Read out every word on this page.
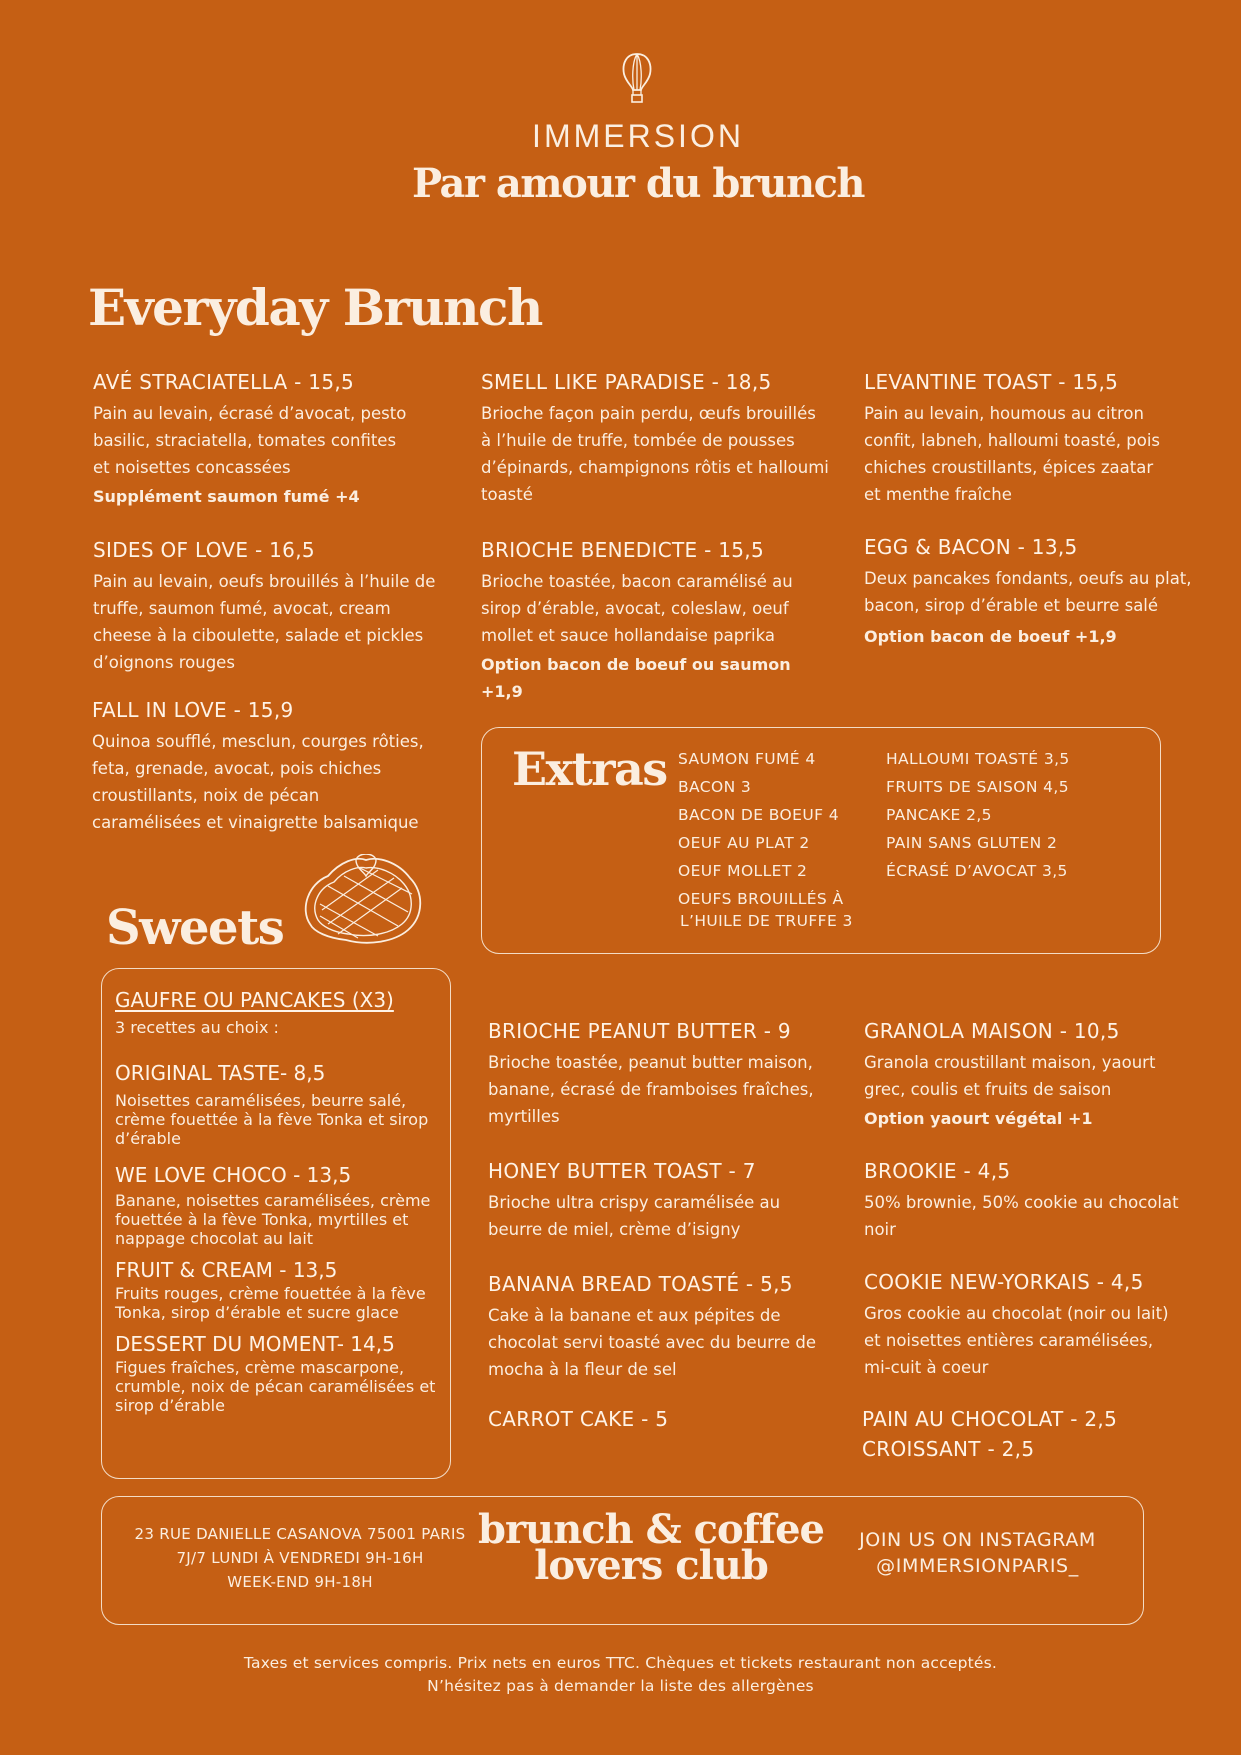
IMMERSION
Par amour du brunch
Everyday Brunch
AVÉ STRACIATELLA - 15,5

Pain au levain, écrasé d’avocat, pesto basilic, straciatella, tomates confites et noisettes concassées

Supplément saumon fumé +4

SMELL LIKE PARADISE - 18,5

Brioche façon pain perdu, œufs brouillés à l’huile de truffe, tombée de pousses d’épinards, champignons rôtis et halloumi toasté

LEVANTINE TOAST - 15,5

Pain au levain, houmous au citron confit, labneh, halloumi toasté, pois chiches croustillants, épices zaatar et menthe fraîche

SIDES OF LOVE - 16,5

Pain au levain, oeufs brouillés à l’huile de truffe, saumon fumé, avocat, cream cheese à la ciboulette, salade et pickles d’oignons rouges

BRIOCHE BENEDICTE - 15,5

Brioche toastée, bacon caramélisé au sirop d’érable, avocat, coleslaw, oeuf mollet et sauce hollandaise paprika

Option bacon de boeuf ou saumon +1,9

EGG & BACON - 13,5

Deux pancakes fondants, oeufs au plat, bacon, sirop d’érable et beurre salé

Option bacon de boeuf +1,9

FALL IN LOVE - 15,9

Quinoa soufflé, mesclun, courges rôties, feta, grenade, avocat, pois chiches croustillants, noix de pécan caramélisées et vinaigrette balsamique

Extras SAUMON FUMÉ 4
BACON 3
BACON DE BOEUF 4
OEUF AU PLAT 2
OEUF MOLLET 2
OEUFS BROUILLÉS À
L’HUILE DE TRUFFE 3
HALLOUMI TOASTÉ 3,5
FRUITS DE SAISON 4,5
PANCAKE 2,5
PAIN SANS GLUTEN 2
ÉCRASÉ D’AVOCAT 3,5
Sweets
GAUFRE OU PANCAKES (X3)

3 recettes au choix :

ORIGINAL TASTE- 8,5

Noisettes caramélisées, beurre salé, crème fouettée à la fève Tonka et sirop d’érable

WE LOVE CHOCO - 13,5

Banane, noisettes caramélisées, crème fouettée à la fève Tonka, myrtilles et nappage chocolat au lait

FRUIT & CREAM - 13,5

Fruits rouges, crème fouettée à la fève Tonka, sirop d’érable et sucre glace

DESSERT DU MOMENT- 14,5

Figues fraîches, crème mascarpone, crumble, noix de pécan caramélisées et sirop d’érable

BRIOCHE PEANUT BUTTER - 9

Brioche toastée, peanut butter maison, banane, écrasé de framboises fraîches, myrtilles

GRANOLA MAISON - 10,5

Granola croustillant maison, yaourt grec, coulis et fruits de saison

Option yaourt végétal +1

HONEY BUTTER TOAST - 7

Brioche ultra crispy caramélisée au beurre de miel, crème d’isigny

BROOKIE - 4,5

50% brownie, 50% cookie au chocolat noir

BANANA BREAD TOASTÉ - 5,5

Cake à la banane et aux pépites de chocolat servi toasté avec du beurre de mocha à la fleur de sel

COOKIE NEW-YORKAIS - 4,5

Gros cookie au chocolat (noir ou lait) et noisettes entières caramélisées, mi-cuit à coeur

CARROT CAKE - 5	PAIN AU CHOCOLAT - 2,5
CROISSANT - 2,5
23 RUE DANIELLE CASANOVA 75001 PARIS
7J/7 LUNDI À VENDREDI 9H-16H
WEEK-END 9H-18H
brunch & coffee
lovers club
JOIN US ON INSTAGRAM
@IMMERSIONPARIS_
Taxes et services compris. Prix nets en euros TTC. Chèques et tickets restaurant non acceptés.
N’hésitez pas à demander la liste des allergènes
